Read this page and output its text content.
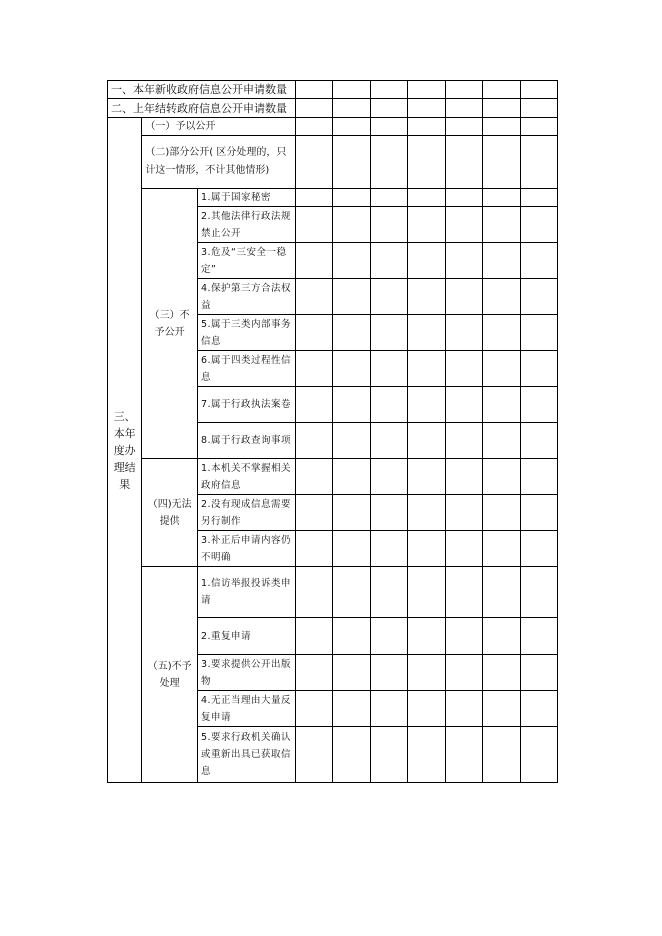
一、本年新收政府信息公开申请数量									
二、上年结转政府信息公开申请数量									
三、本年度办理结果	（一）予以公开								
	（二)部分公开( 区分处理的，只计这一情形，不计其他情形)								
	（三）不予公开	1.属于国家秘密							
		2.其他法律行政法规禁止公开							
		3.危及“三安全一稳定”							
		4.保护第三方合法权益							
		5.属于三类内部事务信息							
		6.属于四类过程性信息							
		7.属于行政执法案卷							
		8.属于行政查询事项							
	（四)无法提供	1.本机关不掌握相关政府信息							
		2.没有现成信息需要另行制作							
		3.补正后申请内容仍不明确							
	（五)不予处理	1.信访举报投诉类申请							
		2.重复申请							
		3.要求提供公开出版物							
		4.无正当理由大量反复申请							
		5.要求行政机关确认或重新出具已获取信息							
